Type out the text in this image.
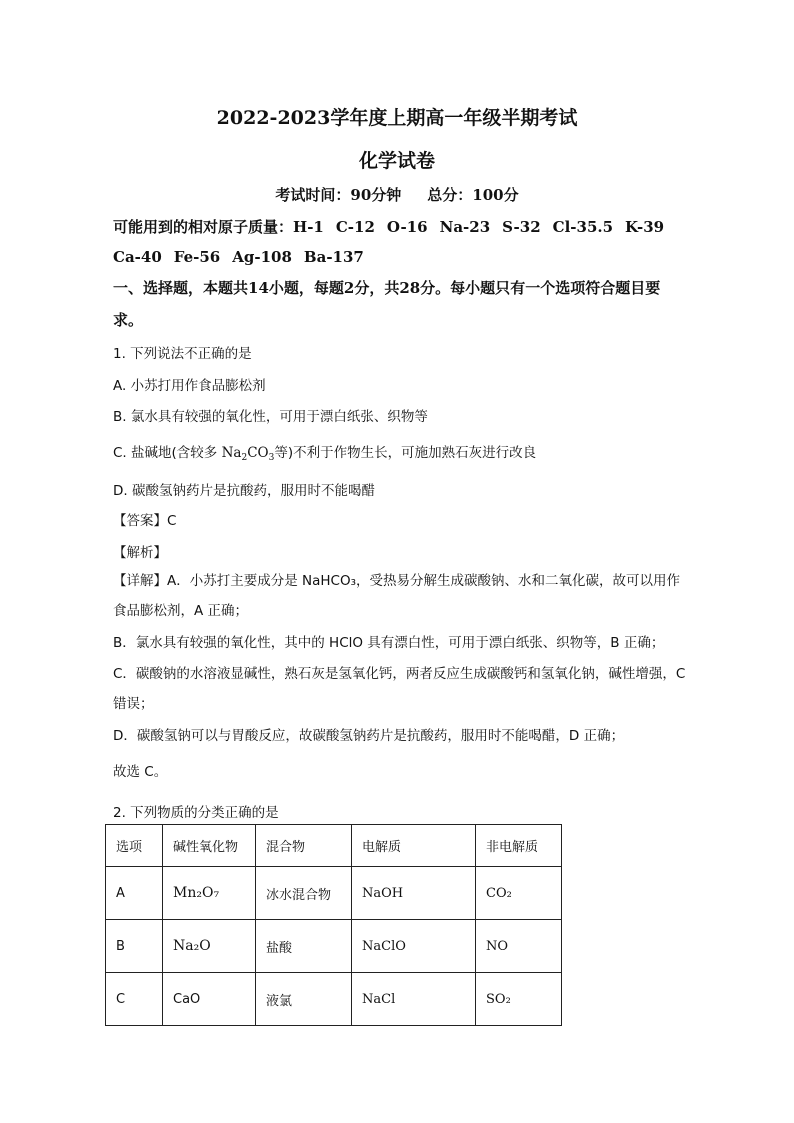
2022-2023学年度上期高一年级半期考试
化学试卷
考试时间：90分钟 总分：100分
可能用到的相对原子质量：H-1 C-12 O-16 Na-23 S-32 Cl-35.5 K-39
Ca-40 Fe-56 Ag-108 Ba-137
一、选择题，本题共14小题，每题2分，共28分。每小题只有一个选项符合题目要求。
1. 下列说法不正确的是
A. 小苏打用作食品膨松剂
B. 氯水具有较强的氧化性，可用于漂白纸张、织物等
C. 盐碱地(含较多 $Na_2CO_3$等)不利于作物生长，可施加熟石灰进行改良
D. 碳酸氢钠药片是抗酸药，服用时不能喝醋
【答案】C
【解析】
【详解】A．小苏打主要成分是 NaHCO₃，受热易分解生成碳酸钠、水和二氧化碳，故可以用作食品膨松剂，A 正确；
B．氯水具有较强的氧化性，其中的 HClO 具有漂白性，可用于漂白纸张、织物等，B 正确；
C．碳酸钠的水溶液显碱性，熟石灰是氢氧化钙，两者反应生成碳酸钙和氢氧化钠，碱性增强，C 错误；
D．碳酸氢钠可以与胃酸反应，故碳酸氢钠药片是抗酸药，服用时不能喝醋，D 正确；
故选 C。
2. 下列物质的分类正确的是
选项	碱性氧化物	混合物	电解质	非电解质
A	Mn₂O₇	冰水混合物	NaOH	CO₂
B	Na₂O	盐酸	NaClO	NO
C	CaO	液氯	NaCl	SO₂
